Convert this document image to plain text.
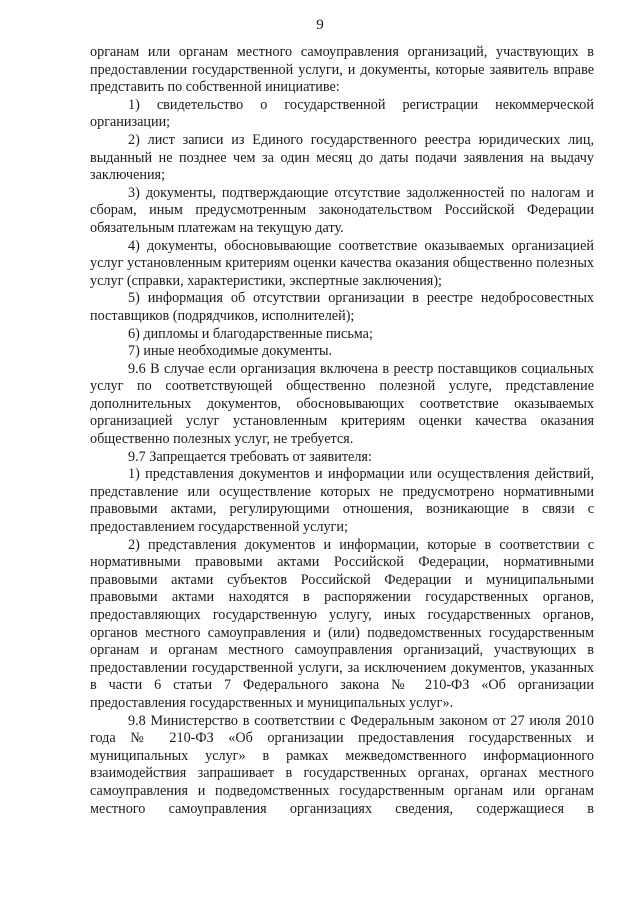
9

органам или органам местного самоуправления организаций, участвующих в предоставлении государственной услуги, и документы, которые заявитель вправе представить по собственной инициативе:

1) свидетельство о государственной регистрации некоммерческой организации;

2) лист записи из Единого государственного реестра юридических лиц, выданный не позднее чем за один месяц до даты подачи заявления на выдачу заключения;

3) документы, подтверждающие отсутствие задолженностей по налогам и сборам, иным предусмотренным законодательством Российской Федерации обязательным платежам на текущую дату.

4) документы, обосновывающие соответствие оказываемых организацией услуг установленным критериям оценки качества оказания общественно полезных услуг (справки, характеристики, экспертные заключения);

5) информация об отсутствии организации в реестре недобросовестных поставщиков (подрядчиков, исполнителей);

6) дипломы и благодарственные письма;

7) иные необходимые документы.

9.6 В случае если организация включена в реестр поставщиков социальных услуг по соответствующей общественно полезной услуге, представление дополнительных документов, обосновывающих соответствие оказываемых организацией услуг установленным критериям оценки качества оказания общественно полезных услуг, не требуется.

9.7 Запрещается требовать от заявителя:

1) представления документов и информации или осуществления действий, представление или осуществление которых не предусмотрено нормативными правовыми актами, регулирующими отношения, возникающие в связи с предоставлением государственной услуги;

2) представления документов и информации, которые в соответствии с нормативными правовыми актами Российской Федерации, нормативными правовыми актами субъектов Российской Федерации и муниципальными правовыми актами находятся в распоряжении государственных органов, предоставляющих государственную услугу, иных государственных органов, органов местного самоуправления и (или) подведомственных государственным органам и органам местного самоуправления организаций, участвующих в предоставлении государственной услуги, за исключением документов, указанных в части 6 статьи 7 Федерального закона № 210-ФЗ «Об организации предоставления государственных и муниципальных услуг».

9.8 Министерство в соответствии с Федеральным законом от 27 июля 2010 года № 210-ФЗ «Об организации предоставления государственных и муниципальных услуг» в рамках межведомственного информационного взаимодействия запрашивает в государственных органах, органах местного самоуправления и подведомственных государственным органам или органам местного самоуправления организациях сведения, содержащиеся в
